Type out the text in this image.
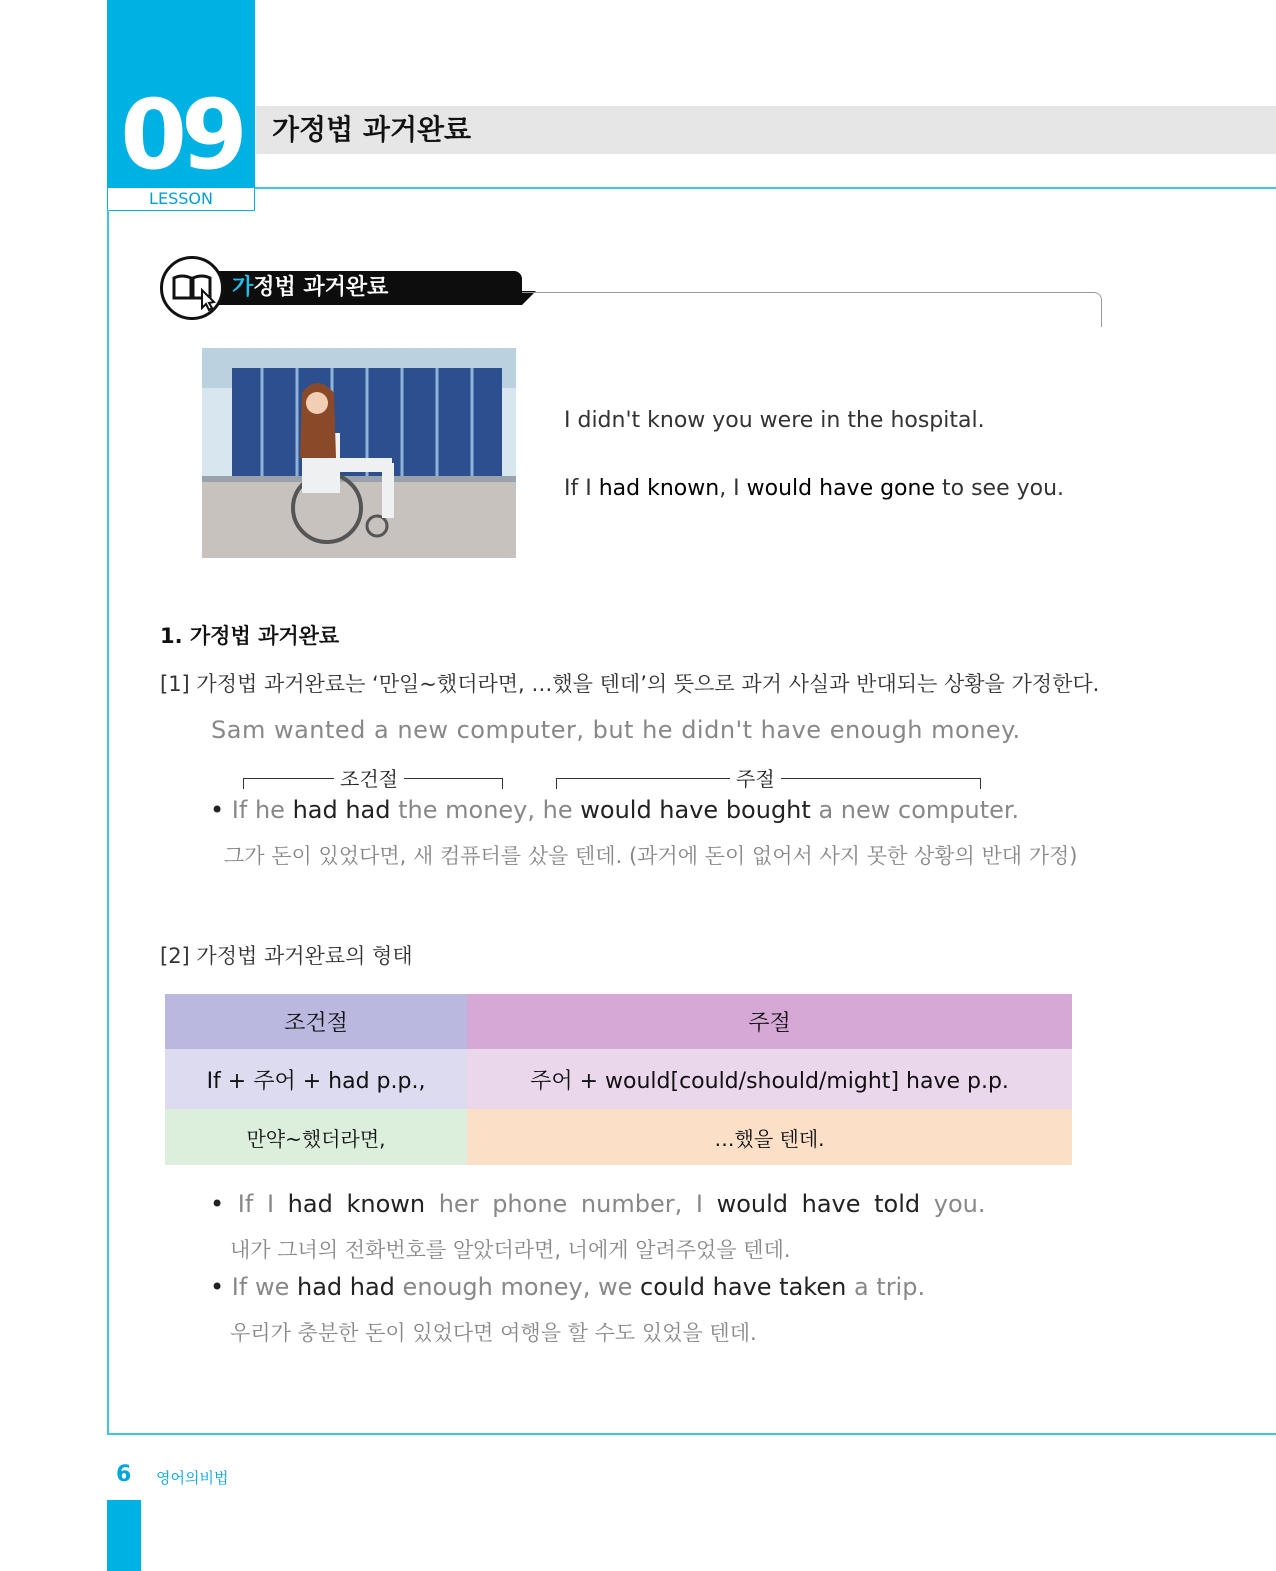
09
LESSON
가정법 과거완료
가정법 과거완료
I didn't know you were in the hospital.
If I had known, I would have gone to see you.
1. 가정법 과거완료
[1] 가정법 과거완료는 ‘만일~했더라면, …했을 텐데’의 뜻으로 과거 사실과 반대되는 상황을 가정한다.
Sam wanted a new computer, but he didn't have enough money.
조건절	주절
• If he had had the money, he would have bought a new computer.
그가 돈이 있었다면, 새 컴퓨터를 샀을 텐데. (과거에 돈이 없어서 사지 못한 상황의 반대 가정)
[2] 가정법 과거완료의 형태
조건절	주절
If + 주어 + had p.p.,	주어 + would[could/should/might] have p.p.
만약~했더라면,	…했을 텐데.
• If I had known her phone number, I would have told you.
내가 그녀의 전화번호를 알았더라면, 너에게 알려주었을 텐데.
• If we had had enough money, we could have taken a trip.
우리가 충분한 돈이 있었다면 여행을 할 수도 있었을 텐데.
6 영어의비법
